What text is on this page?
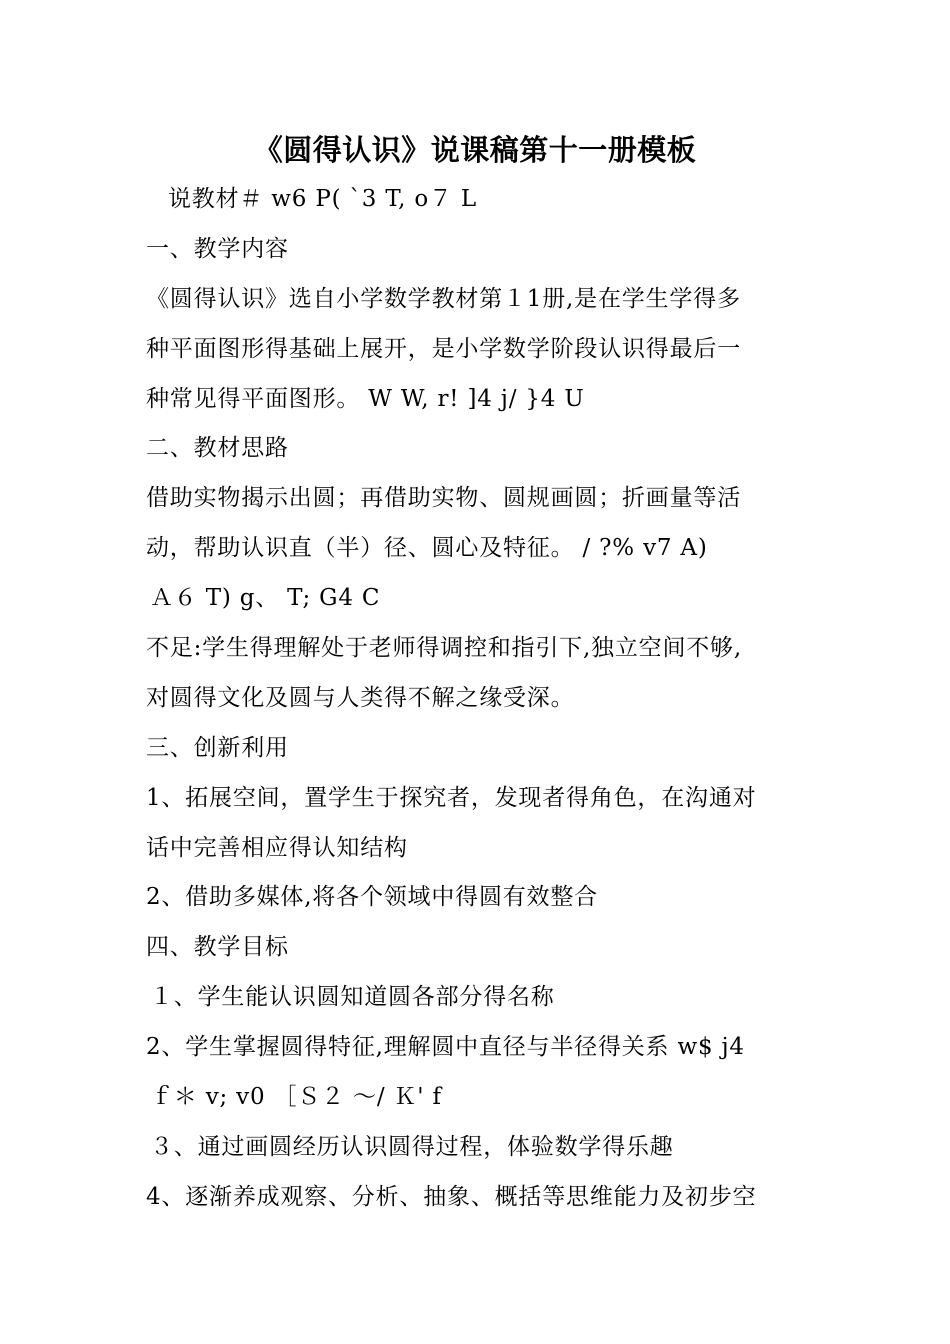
《圆得认识》说课稿第十一册模板
说教材＃ w6 P( `3 T, o７ L
一、教学内容
《圆得认识》选自小学数学教材第１1册,是在学生学得多
种平面图形得基础上展开，是小学数学阶段认识得最后一
种常见得平面图形。 W W, r! ]4 j/ }4 U
二、教材思路
借助实物揭示出圆；再借助实物、圆规画圆；折画量等活
动，帮助认识直（半）径、圆心及特征。 / ?% v7 A)
Ａ６ T) g、 T; G4 C
不足:学生得理解处于老师得调控和指引下,独立空间不够,
对圆得文化及圆与人类得不解之缘受深。
三、创新利用
1、拓展空间，置学生于探究者，发现者得角色，在沟通对
话中完善相应得认知结构
2、借助多媒体,将各个领域中得圆有效整合
四、教学目标
１、学生能认识圆知道圆各部分得名称
2、学生掌握圆得特征,理解圆中直径与半径得关系 w$ j4
ｆ＊ v; v0 ［Ｓ２ ～/ Ｋ' f
３、通过画圆经历认识圆得过程，体验数学得乐趣
4、逐渐养成观察、分析、抽象、概括等思维能力及初步空
